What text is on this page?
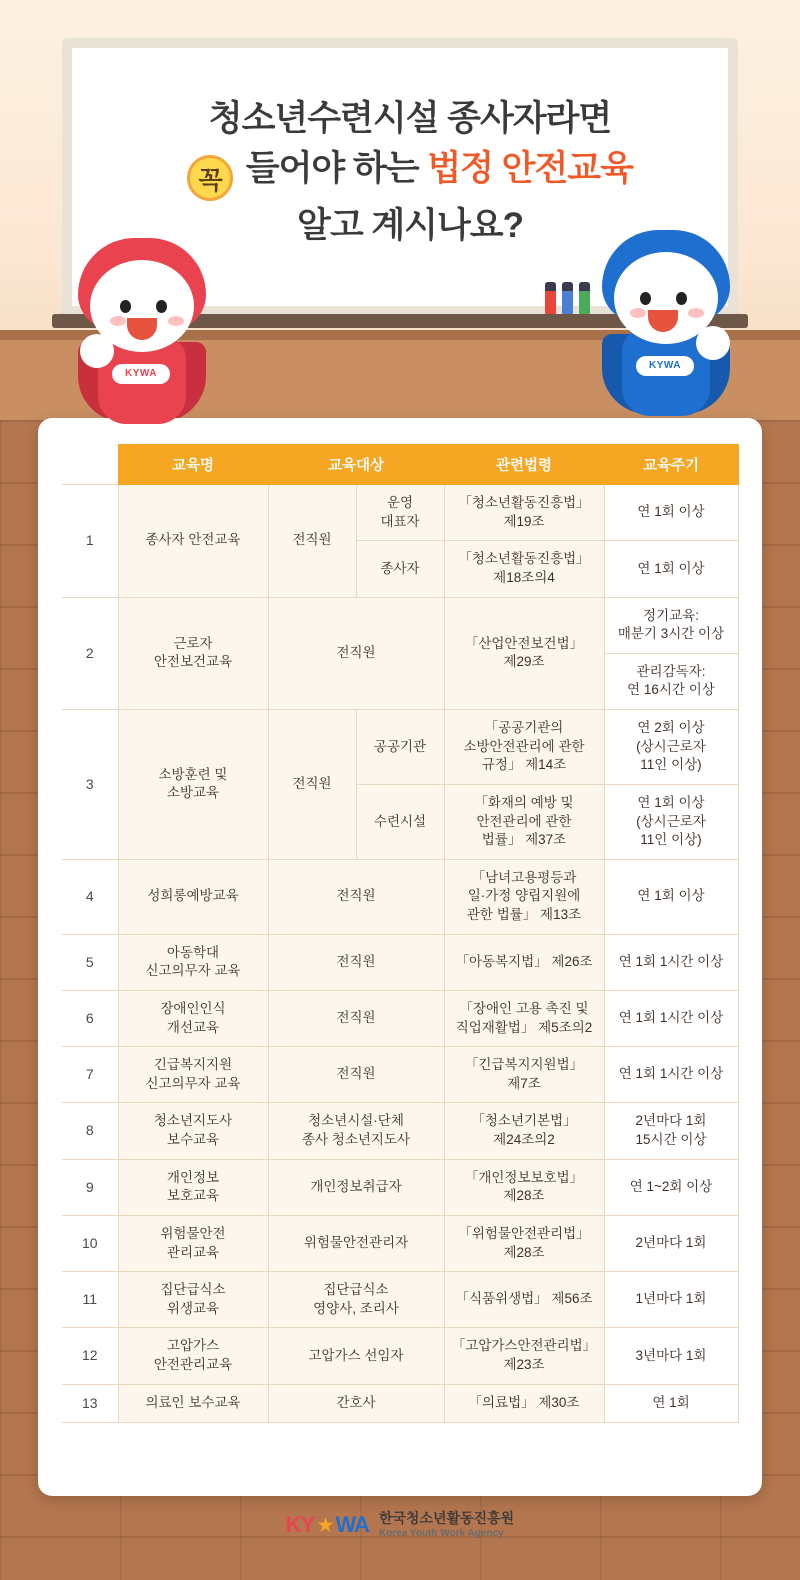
청소년수련시설 종사자라면
꼭 들어야 하는 법정 안전교육
알고 계시나요?
KYWA
KYWA
	교육명	교육대상		관련법령	교육주기

1	종사자 안전교육	전직원	운영
대표자	「청소년활동진흥법」
제19조	연 1회 이상

			종사자	「청소년활동진흥법」
제18조의4	연 1회 이상

2	근로자
안전보건교육	전직원		「산업안전보건법」
제29조	정기교육:
매분기 3시간 이상

					관리감독자:
연 16시간 이상

3	소방훈련 및
소방교육	전직원	공공기관	「공공기관의
소방안전관리에 관한
규정」 제14조	연 2회 이상
(상시근로자
11인 이상)

			수련시설	「화재의 예방 및
안전관리에 관한
법률」 제37조	연 1회 이상
(상시근로자
11인 이상)

4	성희롱예방교육	전직원		「남녀고용평등과
일·가정 양립지원에
관한 법률」 제13조	연 1회 이상

5	아동학대
신고의무자 교육	전직원		「아동복지법」 제26조	연 1회 1시간 이상

6	장애인인식
개선교육	전직원		「장애인 고용 촉진 및
직업재활법」 제5조의2	연 1회 1시간 이상

7	긴급복지지원
신고의무자 교육	전직원		「긴급복지지원법」
제7조	연 1회 1시간 이상

8	청소년지도사
보수교육	청소년시설·단체
종사 청소년지도사		「청소년기본법」
제24조의2	2년마다 1회
15시간 이상

9	개인정보
보호교육	개인정보취급자		「개인정보보호법」
제28조	연 1~2회 이상

10	위험물안전
관리교육	위험물안전관리자		「위험물안전관리법」
제28조	2년마다 1회

11	집단급식소
위생교육	집단급식소
영양사, 조리사		「식품위생법」 제56조	1년마다 1회

12	고압가스
안전관리교육	고압가스 선임자		「고압가스안전관리법」
제23조	3년마다 1회

13	의료인 보수교육	간호사		「의료법」 제30조	연 1회
KY ★ WA 한국청소년활동진흥원
Korea Youth Work Agency
